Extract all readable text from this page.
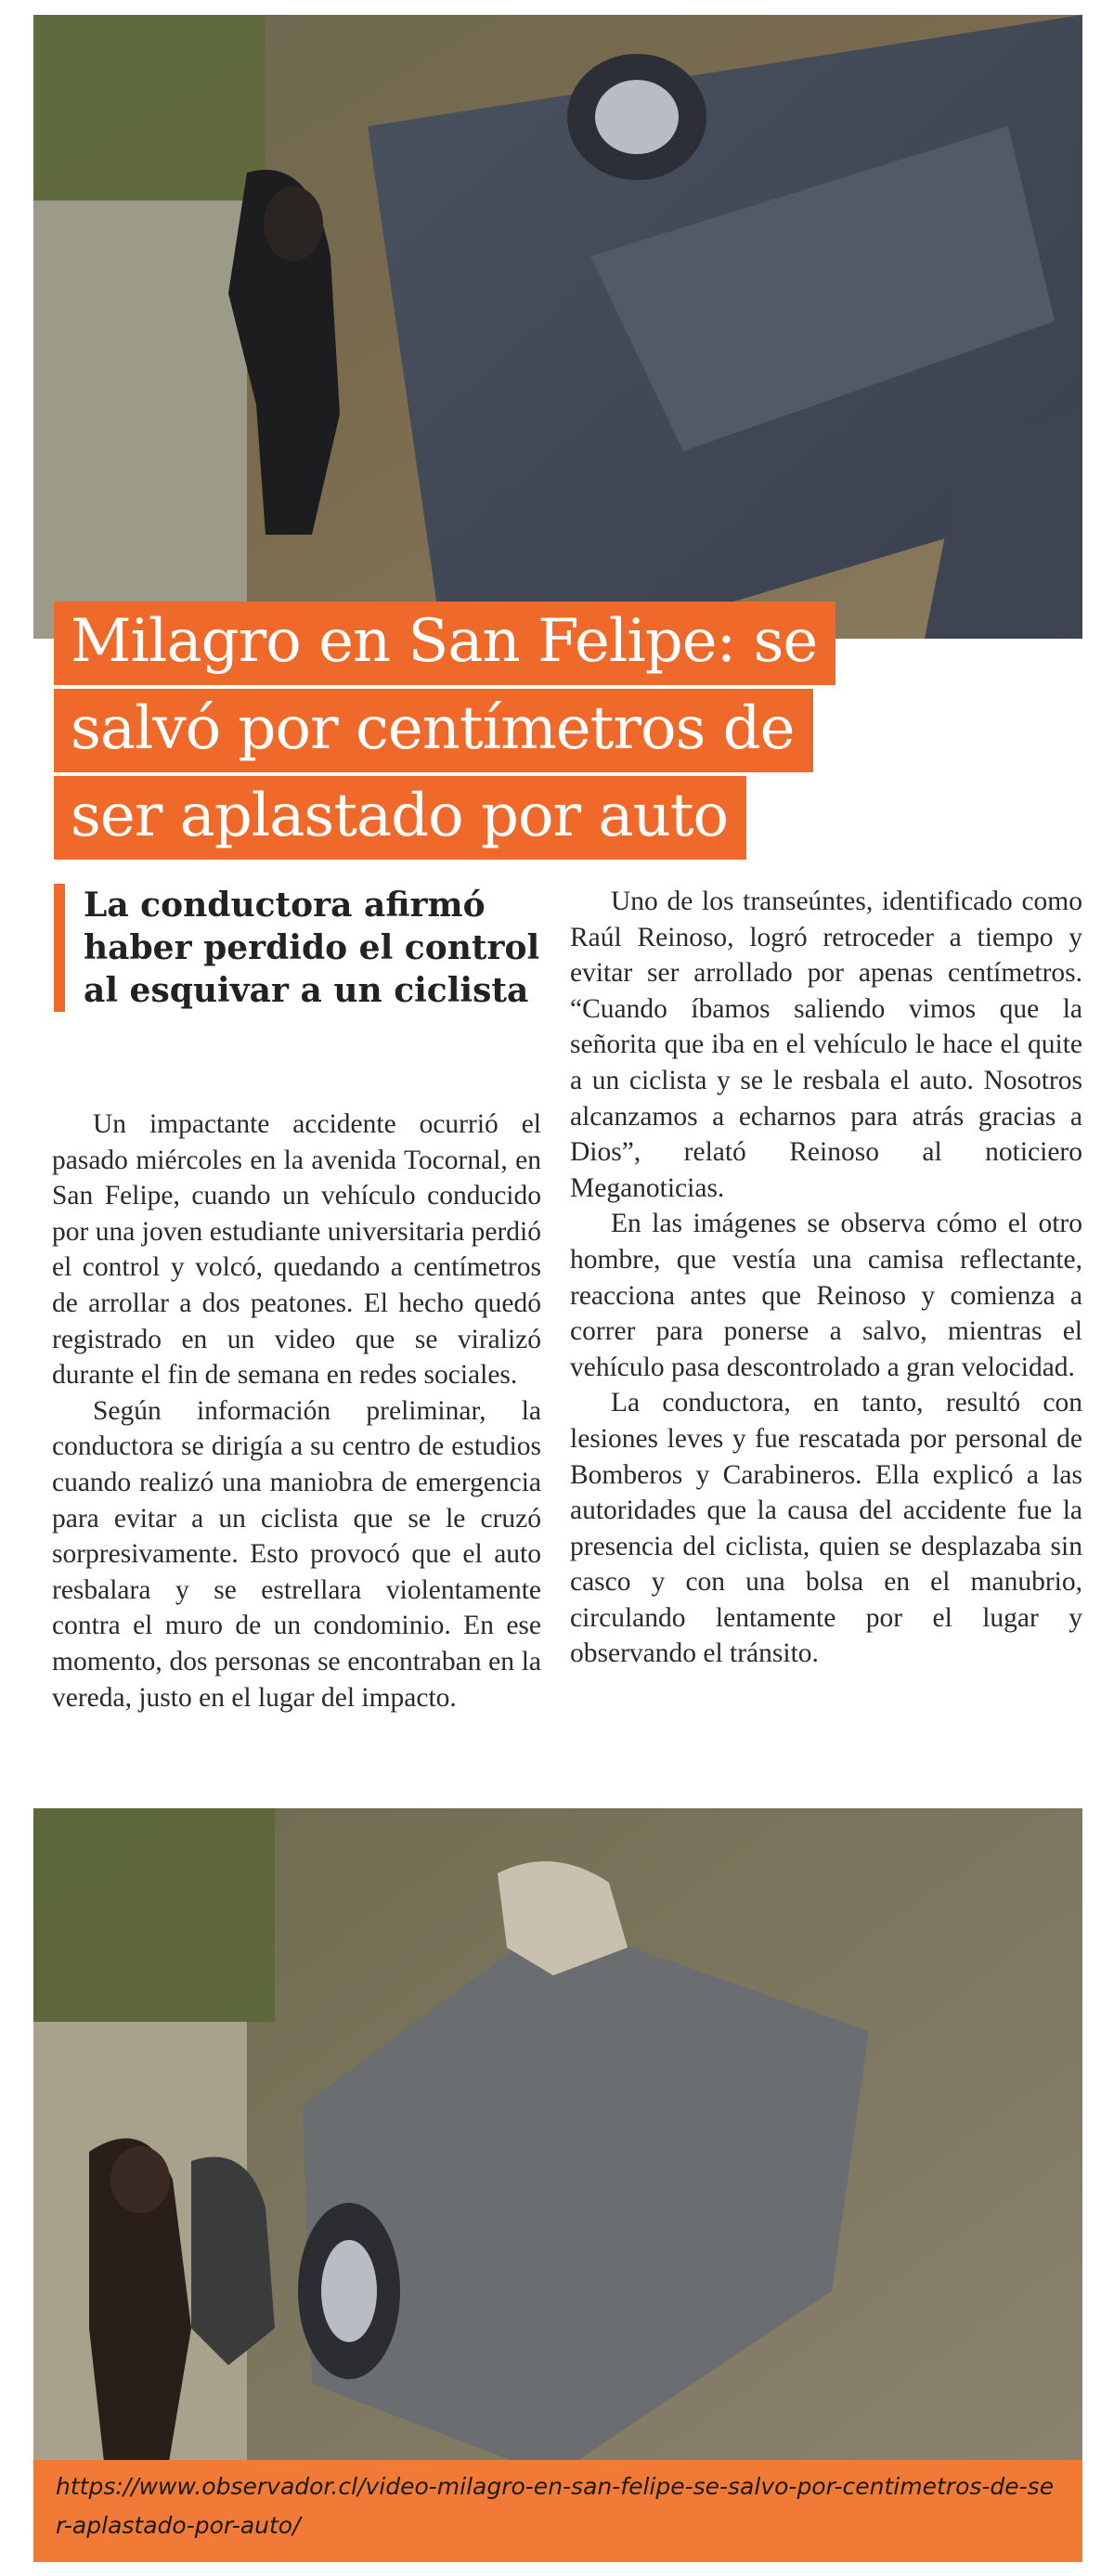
Milagro en San Felipe: se
salvó por centímetros de
ser aplastado por auto
La conductora afirmó haber perdido el control al esquivar a un ciclista

Un impactante accidente ocurrió el pasado miércoles en la avenida Tocornal, en San Felipe, cuando un vehículo conducido por una joven estudiante universitaria perdió el control y volcó, quedando a centímetros de arrollar a dos peatones. El hecho quedó registrado en un video que se viralizó durante el fin de semana en redes sociales.

Según información preliminar, la conductora se dirigía a su centro de estudios cuando realizó una maniobra de emergencia para evitar a un ciclista que se le cruzó sorpresivamente. Esto provocó que el auto resbalara y se estrellara violentamente contra el muro de un condominio. En ese momento, dos personas se encontraban en la vereda, justo en el lugar del impacto.

Uno de los transeúntes, identificado como Raúl Reinoso, logró retroceder a tiempo y evitar ser arrollado por apenas centímetros. “Cuando íbamos saliendo vimos que la señorita que iba en el vehículo le hace el quite a un ciclista y se le resbala el auto. Nosotros alcanzamos a echarnos para atrás gracias a Dios”, relató Reinoso al noticiero Meganoticias.

En las imágenes se observa cómo el otro hombre, que vestía una camisa reflectante, reacciona antes que Reinoso y comienza a correr para ponerse a salvo, mientras el vehículo pasa descontrolado a gran velocidad.

La conductora, en tanto, resultó con lesiones leves y fue rescatada por personal de Bomberos y Carabineros. Ella explicó a las autoridades que la causa del accidente fue la presencia del ciclista, quien se desplazaba sin casco y con una bolsa en el manubrio, circulando lentamente por el lugar y observando el tránsito.

https://www.observador.cl/video-milagro-en-san-felipe-se-salvo-por-centimetros-de-ser-aplastado-por-auto/
